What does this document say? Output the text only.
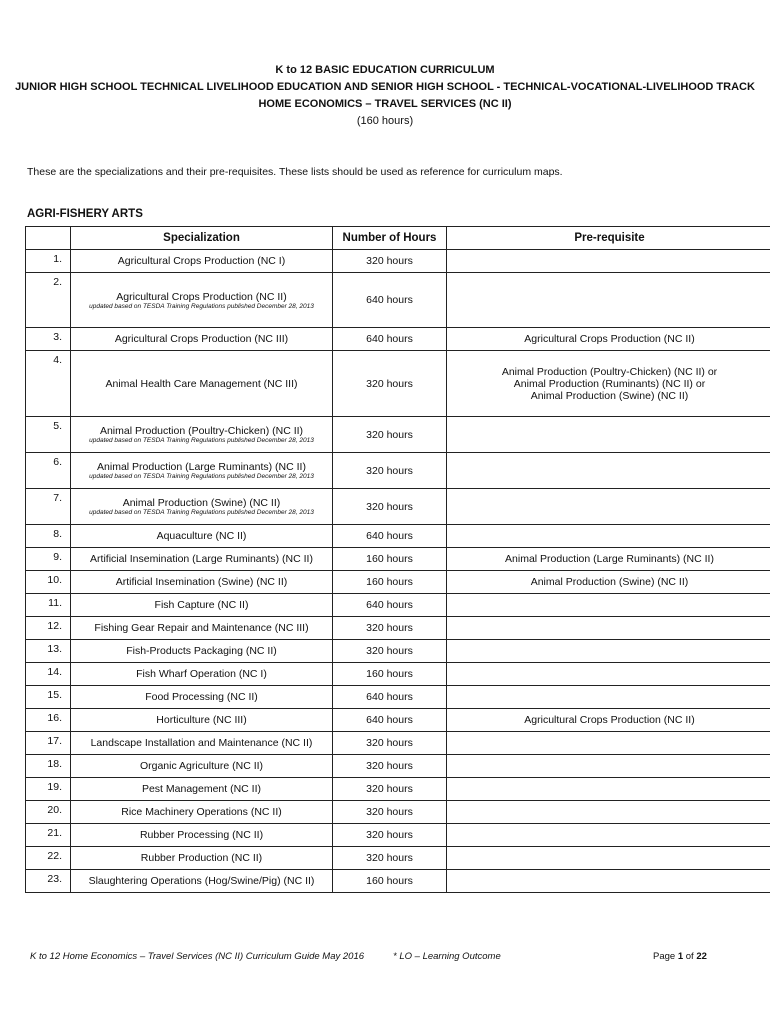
K to 12 BASIC EDUCATION CURRICULUM
JUNIOR HIGH SCHOOL TECHNICAL LIVELIHOOD EDUCATION AND SENIOR HIGH SCHOOL - TECHNICAL-VOCATIONAL-LIVELIHOOD TRACK
HOME ECONOMICS – TRAVEL SERVICES (NC II)
(160 hours)
These are the specializations and their pre-requisites. These lists should be used as reference for curriculum maps.
AGRI-FISHERY ARTS
	Specialization	Number of Hours	Pre-requisite
1.	Agricultural Crops Production (NC I)	320 hours	
2.	Agricultural Crops Production (NC II)
updated based on TESDA Training Regulations published December 28, 2013	640 hours	
3.	Agricultural Crops Production (NC III)	640 hours	Agricultural Crops Production (NC II)

4.	Animal Health Care Management (NC III)	320 hours	Animal Production (Poultry-Chicken) (NC II) or
Animal Production (Ruminants) (NC II) or
Animal Production (Swine) (NC II)

5.	Animal Production (Poultry-Chicken) (NC II)
updated based on TESDA Training Regulations published December 28, 2013	320 hours	
6.	Animal Production (Large Ruminants) (NC II)
updated based on TESDA Training Regulations published December 28, 2013	320 hours	
7.	Animal Production (Swine) (NC II)
updated based on TESDA Training Regulations published December 28, 2013	320 hours	
8.	Aquaculture (NC II)	640 hours	
9.	Artificial Insemination (Large Ruminants) (NC II)	160 hours	Animal Production (Large Ruminants) (NC II)

10.	Artificial Insemination (Swine) (NC II)	160 hours	Animal Production (Swine) (NC II)

11.	Fish Capture (NC II)	640 hours	
12.	Fishing Gear Repair and Maintenance (NC III)	320 hours	
13.	Fish-Products Packaging (NC II)	320 hours	
14.	Fish Wharf Operation (NC I)	160 hours	
15.	Food Processing (NC II)	640 hours	
16.	Horticulture (NC III)	640 hours	Agricultural Crops Production (NC II)

17.	Landscape Installation and Maintenance (NC II)	320 hours	
18.	Organic Agriculture (NC II)	320 hours	
19.	Pest Management (NC II)	320 hours	
20.	Rice Machinery Operations (NC II)	320 hours	
21.	Rubber Processing (NC II)	320 hours	
22.	Rubber Production (NC II)	320 hours	
23.	Slaughtering Operations (Hog/Swine/Pig) (NC II)	160 hours	
K to 12 Home Economics – Travel Services (NC II) Curriculum Guide May 2016	* LO – Learning Outcome	Page 1 of 22
